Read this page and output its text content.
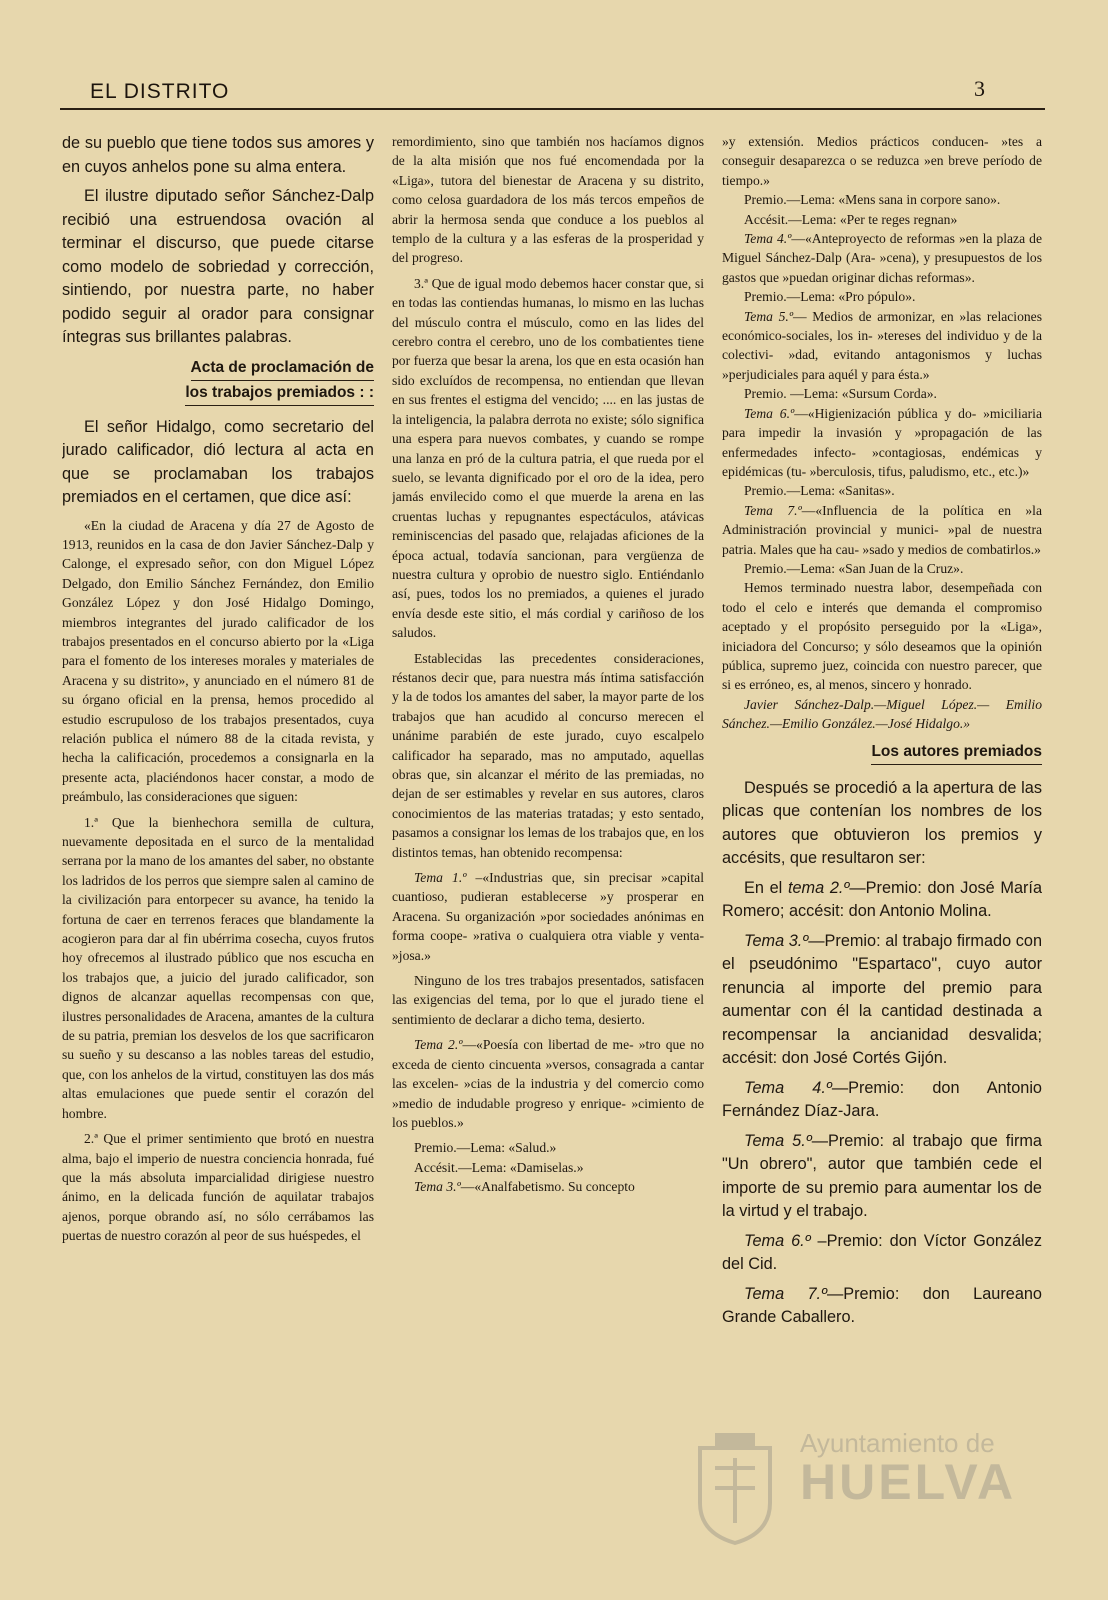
EL DISTRITO	3

de su pueblo que tiene todos sus amores y en cuyos anhelos pone su alma entera.

El ilustre diputado señor Sánchez-Dalp recibió una estruendosa ovación al terminar el discurso, que puede citarse como modelo de sobriedad y corrección, sintiendo, por nuestra parte, no haber podido seguir al orador para consignar íntegras sus brillantes palabras.

Acta de proclamación de
los trabajos premiados : :

El señor Hidalgo, como secretario del jurado calificador, dió lectura al acta en que se proclamaban los trabajos premiados en el certamen, que dice así:

«En la ciudad de Aracena y día 27 de Agosto de 1913, reunidos en la casa de don Javier Sánchez-Dalp y Calonge, el expresado señor, con don Miguel López Delgado, don Emilio Sánchez Fernández, don Emilio González López y don José Hidalgo Domingo, miembros integrantes del jurado calificador de los trabajos presentados en el concurso abierto por la «Liga para el fomento de los intereses morales y materiales de Aracena y su distrito», y anunciado en el número 81 de su órgano oficial en la prensa, hemos procedido al estudio escrupuloso de los trabajos presentados, cuya relación publica el número 88 de la citada revista, y hecha la calificación, procedemos a consignarla en la presente acta, placiéndonos hacer constar, a modo de preámbulo, las consideraciones que siguen:

1.ª Que la bienhechora semilla de cultura, nuevamente depositada en el surco de la mentalidad serrana por la mano de los amantes del saber, no obstante los ladridos de los perros que siempre salen al camino de la civilización para entorpecer su avance, ha tenido la fortuna de caer en terrenos feraces que blandamente la acogieron para dar al fin ubérrima cosecha, cuyos frutos hoy ofrecemos al ilustrado público que nos escucha en los trabajos que, a juicio del jurado calificador, son dignos de alcanzar aquellas recompensas con que, ilustres personalidades de Aracena, amantes de la cultura de su patria, premian los desvelos de los que sacrificaron su sueño y su descanso a las nobles tareas del estudio, que, con los anhelos de la virtud, constituyen las dos más altas emulaciones que puede sentir el corazón del hombre.

2.ª Que el primer sentimiento que brotó en nuestra alma, bajo el imperio de nuestra conciencia honrada, fué que la más absoluta imparcialidad dirigiese nuestro ánimo, en la delicada función de aquilatar trabajos ajenos, porque obrando así, no sólo cerrábamos las puertas de nuestro corazón al peor de sus huéspedes, el

remordimiento, sino que también nos hacíamos dignos de la alta misión que nos fué encomendada por la «Liga», tutora del bienestar de Aracena y su distrito, como celosa guardadora de los más tercos empeños de abrir la hermosa senda que conduce a los pueblos al templo de la cultura y a las esferas de la prosperidad y del progreso.

3.ª Que de igual modo debemos hacer constar que, si en todas las contiendas humanas, lo mismo en las luchas del músculo contra el músculo, como en las lides del cerebro contra el cerebro, uno de los combatientes tiene por fuerza que besar la arena, los que en esta ocasión han sido excluídos de recompensa, no entiendan que llevan en sus frentes el estigma del vencido; .... en las justas de la inteligencia, la palabra derrota no existe; sólo significa una espera para nuevos combates, y cuando se rompe una lanza en pró de la cultura patria, el que rueda por el suelo, se levanta dignificado por el oro de la idea, pero jamás envilecido como el que muerde la arena en las cruentas luchas y repugnantes espectáculos, atávicas reminiscencias del pasado que, relajadas aficiones de la época actual, todavía sancionan, para vergüenza de nuestra cultura y oprobio de nuestro siglo. Entiéndanlo así, pues, todos los no premiados, a quienes el jurado envía desde este sitio, el más cordial y cariñoso de los saludos.

Establecidas las precedentes consideraciones, réstanos decir que, para nuestra más íntima satisfacción y la de todos los amantes del saber, la mayor parte de los trabajos que han acudido al concurso merecen el unánime parabién de este jurado, cuyo escalpelo calificador ha separado, mas no amputado, aquellas obras que, sin alcanzar el mérito de las premiadas, no dejan de ser estimables y revelar en sus autores, claros conocimientos de las materias tratadas; y esto sentado, pasamos a consignar los lemas de los trabajos que, en los distintos temas, han obtenido recompensa:

Tema 1.º –«Industrias que, sin precisar »capital cuantioso, pudieran establecerse »y prosperar en Aracena. Su organización »por sociedades anónimas en forma coope- »rativa o cualquiera otra viable y venta- »josa.»

Ninguno de los tres trabajos presentados, satisfacen las exigencias del tema, por lo que el jurado tiene el sentimiento de declarar a dicho tema, desierto.

Tema 2.º—«Poesía con libertad de me- »tro que no exceda de ciento cincuenta »versos, consagrada a cantar las excelen- »cias de la industria y del comercio como »medio de indudable progreso y enrique- »cimiento de los pueblos.»

Premio.—Lema: «Salud.»

Accésit.—Lema: «Damiselas.»

Tema 3.º—«Analfabetismo. Su concepto

»y extensión. Medios prácticos conducen- »tes a conseguir desaparezca o se reduzca »en breve período de tiempo.»

Premio.—Lema: «Mens sana in corpore sano».

Accésit.—Lema: «Per te reges regnan»

Tema 4.º—«Anteproyecto de reformas »en la plaza de Miguel Sánchez-Dalp (Ara- »cena), y presupuestos de los gastos que »puedan originar dichas reformas».

Premio.—Lema: «Pro pópulo».

Tema 5.º— Medios de armonizar, en »las relaciones económico-sociales, los in- »tereses del individuo y de la colectivi- »dad, evitando antagonismos y luchas »perjudiciales para aquél y para ésta.»

Premio. —Lema: «Sursum Corda».

Tema 6.º—«Higienización pública y do- »miciliaria para impedir la invasión y »propagación de las enfermedades infecto- »contagiosas, endémicas y epidémicas (tu- »berculosis, tifus, paludismo, etc., etc.)»

Premio.—Lema: «Sanitas».

Tema 7.º—«Influencia de la política en »la Administración provincial y munici- »pal de nuestra patria. Males que ha cau- »sado y medios de combatirlos.»

Premio.—Lema: «San Juan de la Cruz».

Hemos terminado nuestra labor, desempeñada con todo el celo e interés que demanda el compromiso aceptado y el propósito perseguido por la «Liga», iniciadora del Concurso; y sólo deseamos que la opinión pública, supremo juez, coincida con nuestro parecer, que si es erróneo, es, al menos, sincero y honrado.

Javier Sánchez-Dalp.—Miguel López.— Emilio Sánchez.—Emilio González.—José Hidalgo.»

Los autores premiados

Después se procedió a la apertura de las plicas que contenían los nombres de los autores que obtuvieron los premios y accésits, que resultaron ser:

En el tema 2.º—Premio: don José María Romero; accésit: don Antonio Molina.

Tema 3.º—Premio: al trabajo firmado con el pseudónimo "Espartaco", cuyo autor renuncia al importe del premio para aumentar con él la cantidad destinada a recompensar la ancianidad desvalida; accésit: don José Cortés Gijón.

Tema 4.º—Premio: don Antonio Fernández Díaz-Jara.

Tema 5.º—Premio: al trabajo que firma "Un obrero", autor que también cede el importe de su premio para aumentar los de la virtud y el trabajo.

Tema 6.º –Premio: don Víctor González del Cid.

Tema 7.º—Premio: don Laureano Grande Caballero.

Ayuntamiento de
HUELVA
